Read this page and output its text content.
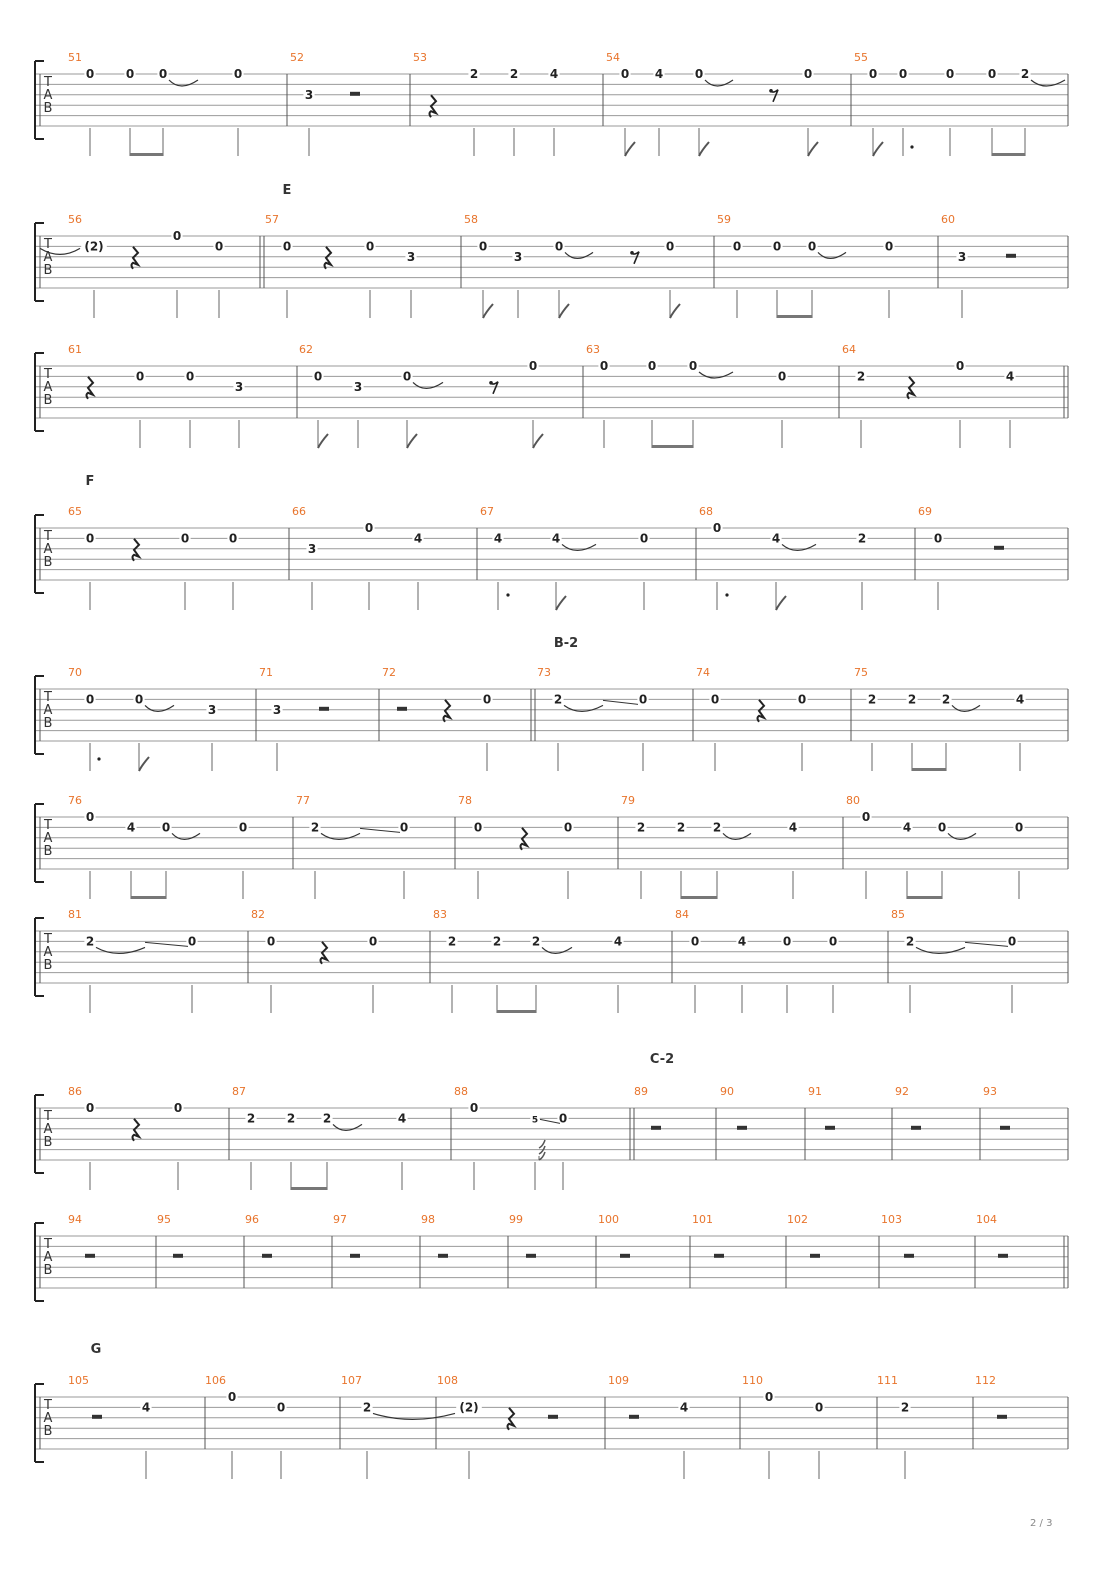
T
A
B
51
0	0 0	0
52
3
53
2	2	4
54
0 4	0	0
55
0 0	0	0 2
T
A
B
E
56
(2)
0
0
57
0	0
3
58
0
3
0	0
59
0	0 0	0
60
3
T
A
B
61
0	0
3
62
0
3
0
0
63
0	0	0
0
64
2
0
4
T
A
B
F
65
0	0	0
66
3
0
4
67
4	4	0
68
0
4	2
69
0
T
A
B
B-2
70
0	0
3
71
3
72
0
73
2	0
74
0	0
75
2	2 2	4
T
A
B
76
0
4 0	0
77
2	0
78
0	0
79
2	2 2	4
80
0
4 0	0
T
A
B
81
2	0
82
0	0
83
2	2	2	4
84
0	4	0	0
85
2	0
T
A
B
C-2
86
0	0
87
2	2 2	4
88
0
5 0
89	90	91	92	93
T
A
B
94	95	96	97	98	99	100	101	102	103	104
T
A
B
G
105
4
106
0
0
107
2
108
(2)
109
4
110
0
0
111
2
112
2 / 3
